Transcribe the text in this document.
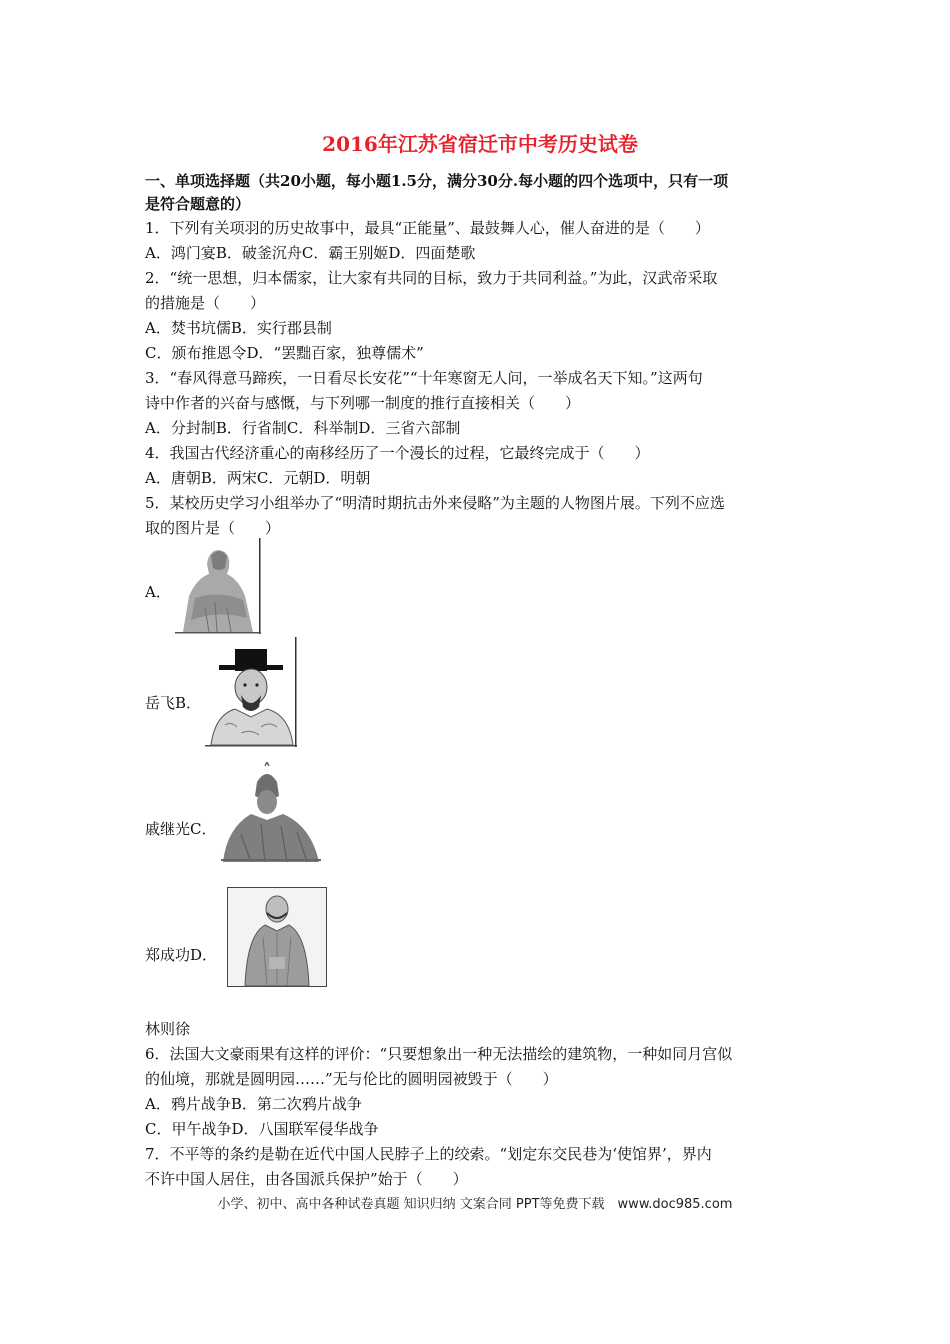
2016年江苏省宿迁市中考历史试卷
一、单项选择题（共20小题，每小题1.5分，满分30分.每小题的四个选项中，只有一项
是符合题意的）
1．下列有关项羽的历史故事中，最具“正能量”、最鼓舞人心，催人奋进的是（　　）
A．鸿门宴B．破釜沉舟C．霸王别姬D．四面楚歌
2．“统一思想，归本儒家，让大家有共同的目标，致力于共同利益。”为此，汉武帝采取
的措施是（　　）
A．焚书坑儒B．实行郡县制
C．颁布推恩令D．“罢黜百家，独尊儒术”
3．“春风得意马蹄疾，一日看尽长安花”“十年寒窗无人问，一举成名天下知。”这两句
诗中作者的兴奋与感慨，与下列哪一制度的推行直接相关（　　）
A．分封制B．行省制C．科举制D．三省六部制
4．我国古代经济重心的南移经历了一个漫长的过程，它最终完成于（　　）
A．唐朝B．两宋C．元朝D．明朝
5．某校历史学习小组举办了“明清时期抗击外来侵略”为主题的人物图片展。下列不应选
取的图片是（　　）
A．
岳飞B．
戚继光C．
郑成功D．
林则徐
6．法国大文豪雨果有这样的评价：“只要想象出一种无法描绘的建筑物，一种如同月宫似
的仙境，那就是圆明园……”无与伦比的圆明园被毁于（　　）
A．鸦片战争B．第二次鸦片战争
C．甲午战争D．八国联军侵华战争
7．不平等的条约是勒在近代中国人民脖子上的绞索。“划定东交民巷为‘使馆界’，界内
不许中国人居住，由各国派兵保护”始于（　　）
小学、初中、高中各种试卷真题 知识归纳 文案合同 PPT等免费下载　www.doc985.com
